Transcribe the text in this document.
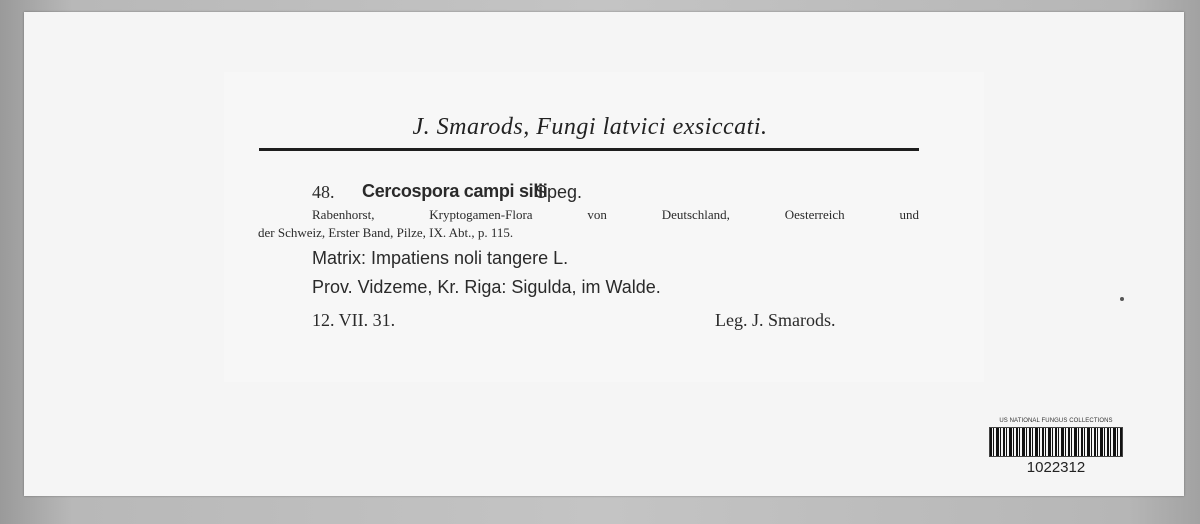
J. Smarods, Fungi latvici exsiccati.
48. Cercospora campi silii
Speg.
Rabenhorst, Kryptogamen-Flora von Deutschland, Oesterreich und
der Schweiz, Erster Band, Pilze, IX. Abt., p. 115.
Matrix: Impatiens noli tangere L.
Prov. Vidzeme, Kr. Riga: Sigulda, im Walde.
12. VII. 31.	Leg. J. Smarods.
US NATIONAL FUNGUS COLLECTIONS
1022312
